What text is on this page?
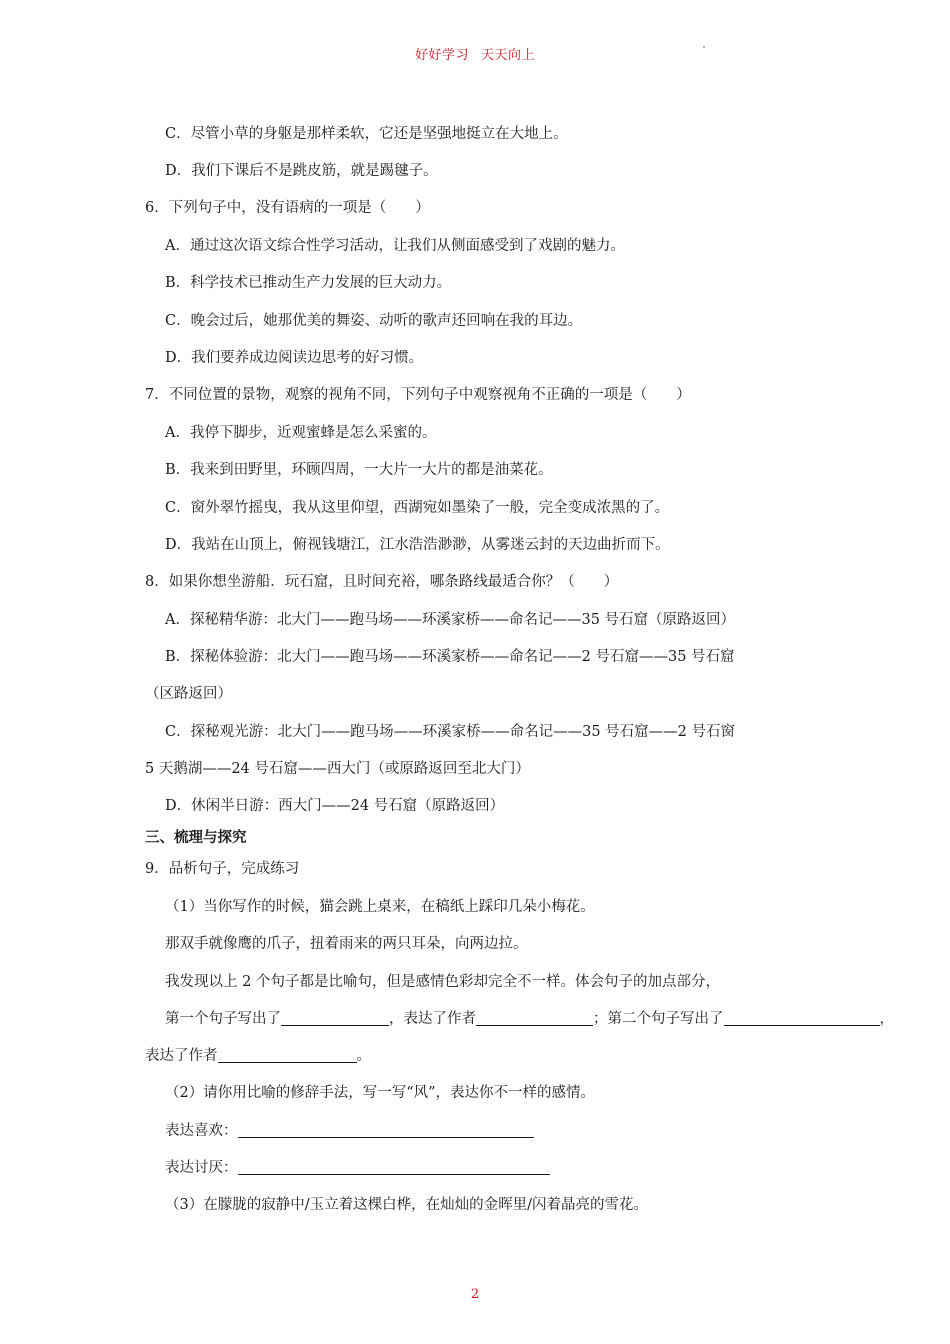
好好学习 天天向上
C．尽管小草的身躯是那样柔软，它还是坚强地挺立在大地上。
D．我们下课后不是跳皮筋，就是踢毽子。
6．下列句子中，没有语病的一项是（　　）
A．通过这次语文综合性学习活动，让我们从侧面感受到了戏剧的魅力。
B．科学技术已推动生产力发展的巨大动力。
C．晚会过后，她那优美的舞姿、动听的歌声还回响在我的耳边。
D．我们要养成边阅读边思考的好习惯。
7．不同位置的景物，观察的视角不同，下列句子中观察视角不正确的一项是（　　）
A．我停下脚步，近观蜜蜂是怎么采蜜的。
B．我来到田野里，环顾四周，一大片一大片的都是油菜花。
C．窗外翠竹摇曳，我从这里仰望，西湖宛如墨染了一般，完全变成浓黑的了。
D．我站在山顶上，俯视钱塘江，江水浩浩渺渺，从雾迷云封的天边曲折而下。
8．如果你想坐游船．玩石窟，且时间充裕，哪条路线最适合你？（　　）
A．探秘精华游：北大门——跑马场——环溪家桥——命名记——35 号石窟（原路返回）
B．探秘体验游：北大门——跑马场——环溪家桥——命名记——2 号石窟——35 号石窟
（区路返回）
C．探秘观光游：北大门——跑马场——环溪家桥——命名记——35 号石窟——2 号石窗
5 天鹅湖——24 号石窟——西大门（或原路返回至北大门）
D．休闲半日游：西大门——24 号石窟（原路返回）
三、梳理与探究
9．品析句子，完成练习
（1）当你写作的时候，猫会跳上桌来，在稿纸上踩印几朵小梅花。
那双手就像鹰的爪子，扭着雨来的两只耳朵，向两边拉。
我发现以上 2 个句子都是比喻句，但是感情色彩却完全不一样。体会句子的加点部分，
第一个句子写出了	，表达了作者	；第二个句子写出了	，
表达了作者	。
（2）请你用比喻的修辞手法，写一写“风”，表达你不一样的感情。
表达喜欢：
表达讨厌：
（3）在朦胧的寂静中/玉立着这棵白桦，在灿灿的金晖里/闪着晶亮的雪花。
2
